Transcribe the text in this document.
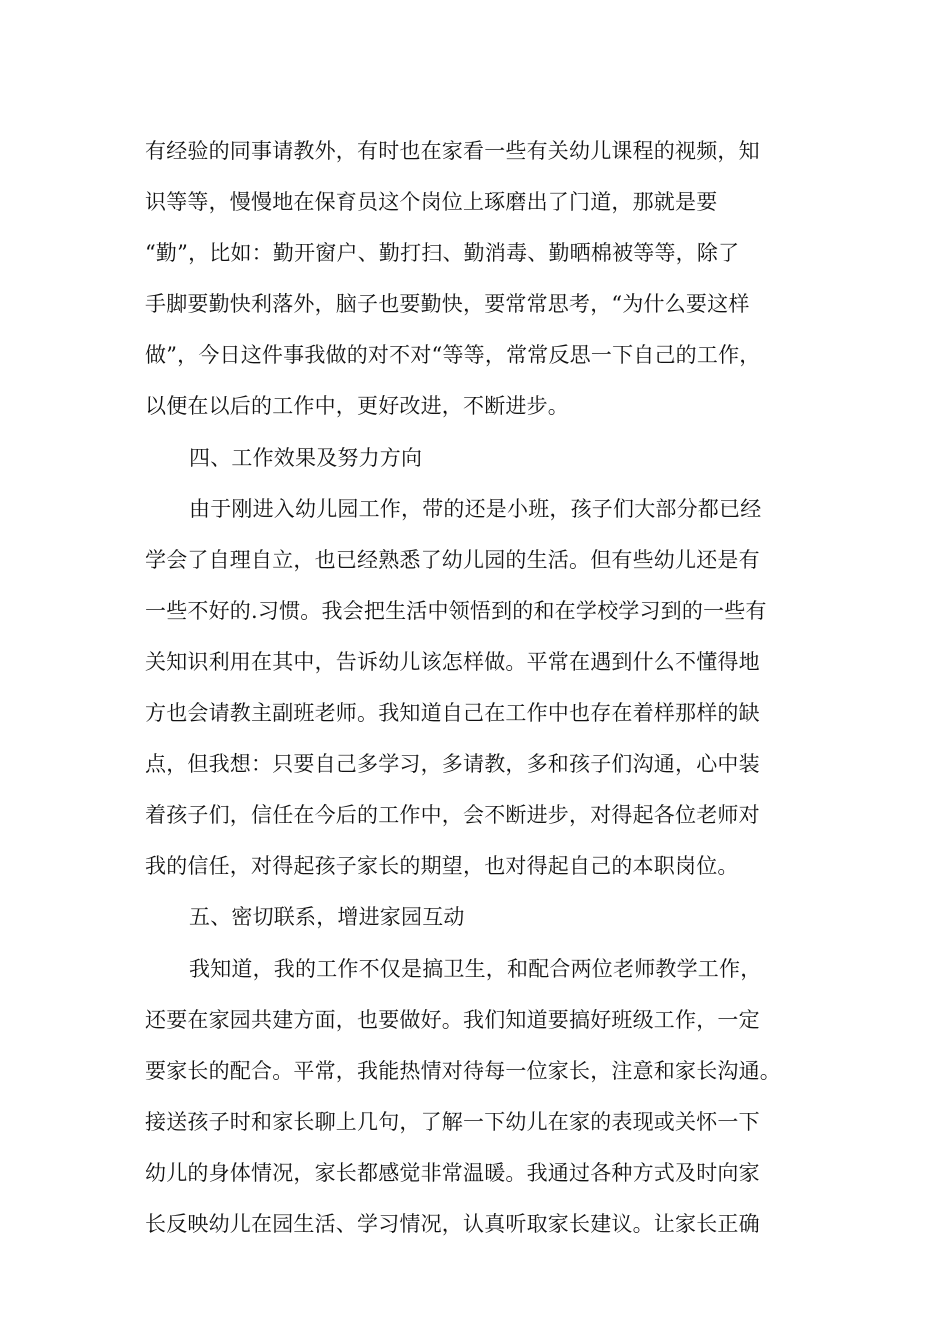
有经验的同事请教外，有时也在家看一些有关幼儿课程的视频，知
识等等，慢慢地在保育员这个岗位上琢磨出了门道，那就是要
“勤”，比如：勤开窗户、勤打扫、勤消毒、勤晒棉被等等，除了
手脚要勤快利落外，脑子也要勤快，要常常思考，“为什么要这样
做”，今日这件事我做的对不对“等等，常常反思一下自己的工作，
以便在以后的工作中，更好改进，不断进步。
四、工作效果及努力方向
由于刚进入幼儿园工作，带的还是小班，孩子们大部分都已经
学会了自理自立，也已经熟悉了幼儿园的生活。但有些幼儿还是有
一些不好的.习惯。我会把生活中领悟到的和在学校学习到的一些有
关知识利用在其中，告诉幼儿该怎样做。平常在遇到什么不懂得地
方也会请教主副班老师。我知道自己在工作中也存在着样那样的缺
点，但我想：只要自己多学习，多请教，多和孩子们沟通，心中装
着孩子们，信任在今后的工作中，会不断进步，对得起各位老师对
我的信任，对得起孩子家长的期望，也对得起自己的本职岗位。
五、密切联系，增进家园互动
我知道，我的工作不仅是搞卫生，和配合两位老师教学工作，
还要在家园共建方面，也要做好。我们知道要搞好班级工作，一定
要家长的配合。平常，我能热情对待每一位家长，注意和家长沟通。
接送孩子时和家长聊上几句，了解一下幼儿在家的表现或关怀一下
幼儿的身体情况，家长都感觉非常温暖。我通过各种方式及时向家
长反映幼儿在园生活、学习情况，认真听取家长建议。让家长正确
